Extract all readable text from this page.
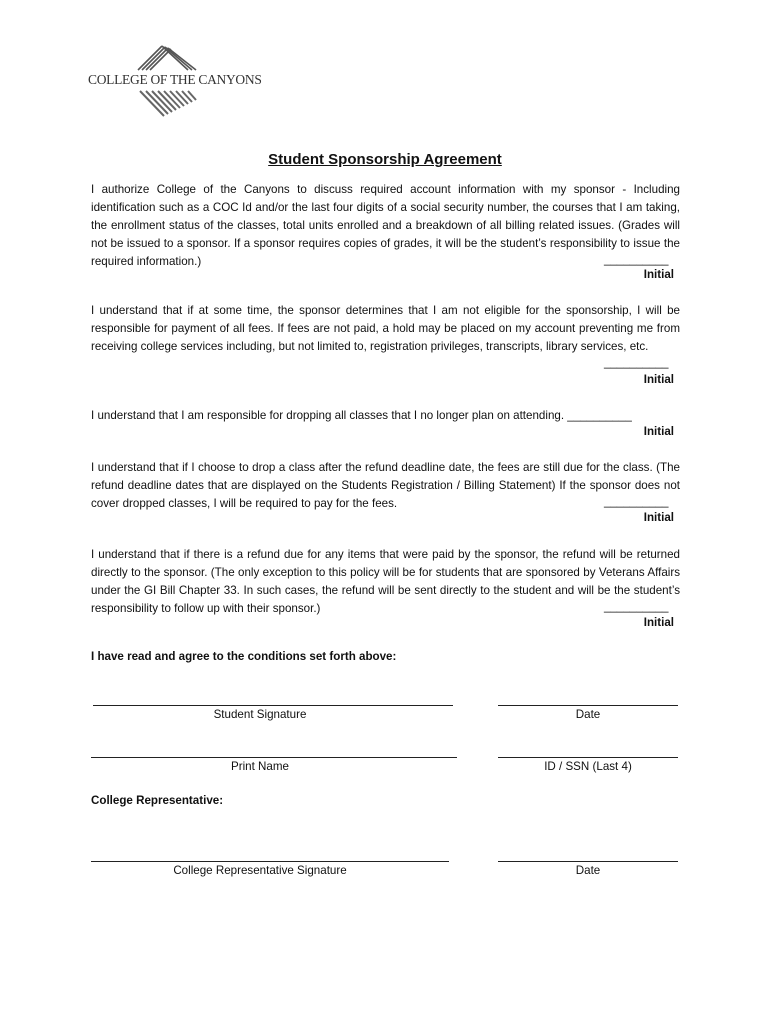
COLLEGE OF THE CANYONS
Student Sponsorship Agreement

I authorize College of the Canyons to discuss required account information with my sponsor - Including identification such as a COC Id and/or the last four digits of a social security number, the courses that I am taking, the enrollment status of the classes, total units enrolled and a breakdown of all billing related issues. (Grades will not be issued to a sponsor. If a sponsor requires copies of grades, it will be the student’s responsibility to issue the required information.)	__________
Initial

I understand that if at some time, the sponsor determines that I am not eligible for the sponsorship, I will be responsible for payment of all fees. If fees are not paid, a hold may be placed on my account preventing me from receiving college services including, but not limited to, registration privileges, transcripts, library services, etc.

__________
Initial

I understand that I am responsible for dropping all classes that I no longer plan on attending. __________

Initial

I understand that if I choose to drop a class after the refund deadline date, the fees are still due for the class. (The refund deadline dates that are displayed on the Students Registration / Billing Statement) If the sponsor does not cover dropped classes, I will be required to pay for the fees.	__________
Initial

I understand that if there is a refund due for any items that were paid by the sponsor, the refund will be returned directly to the sponsor. (The only exception to this policy will be for students that are sponsored by Veterans Affairs under the GI Bill Chapter 33. In such cases, the refund will be sent directly to the student and will be the student’s responsibility to follow up with their sponsor.)	__________
Initial
I have read and agree to the conditions set forth above:
Student Signature	Date
Print Name	ID / SSN (Last 4)
College Representative:
College Representative Signature	Date
